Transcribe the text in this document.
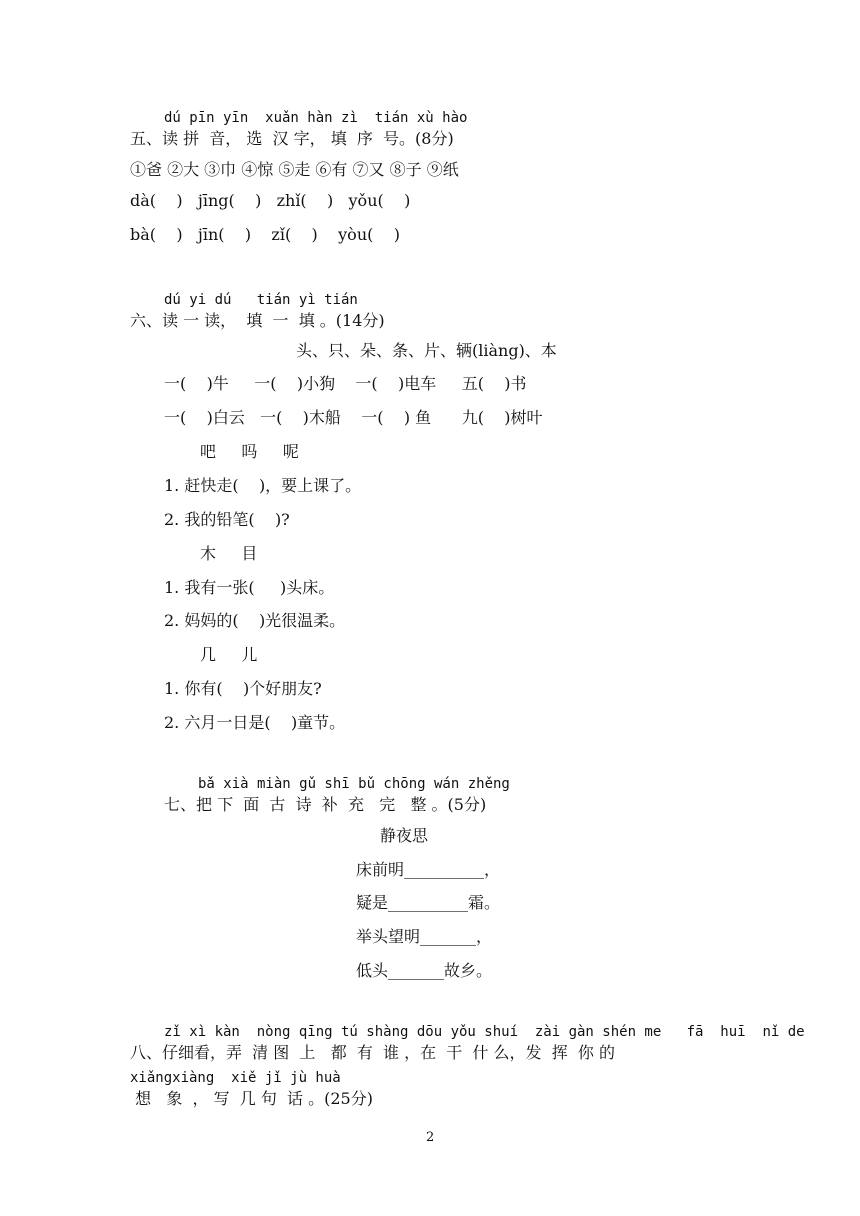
dú pīn yīn  xuǎn hàn zì  tián xù hào
五、读 拼  音， 选  汉 字， 填  序  号。(8分)
①爸 ②大 ③巾 ④惊 ⑤走 ⑥有 ⑦又 ⑧子 ⑨纸
dà(    )   jīng(    )   zhǐ(    )   yǒu(    )
bà(    )   jīn(    )    zǐ(    )    yòu(    )
dú yi dú   tián yì tián
六、读 一 读，  填  一  填 。(14分)
头、只、朵、条、片、辆(liàng)、本
一(    )牛     一(    )小狗    一(    )电车     五(    )书
一(    )白云   一(    )木船    一(    ) 鱼      九(    )树叶
吧     吗     呢
1. 赶快走(    )，要上课了。
2. 我的铅笔(    )?
木     目
1. 我有一张(     )头床。
2. 妈妈的(    )光很温柔。
几     儿
1. 你有(    )个好朋友?
2. 六月一日是(    )童节。
bǎ xià miàn gǔ shī bǔ chōng wán zhěng
七、把 下  面  古  诗  补  充   完   整 。(5分)
静夜思
床前明__________，
疑是__________霜。
举头望明_______，
低头_______故乡。
zǐ xì kàn  nòng qīng tú shàng dōu yǒu shuí  zài gàn shén me   fā  huī  nǐ de
八、仔细看，弄  清 图  上   都  有  谁 ，在  干  什 么，发  挥  你 的
xiǎngxiàng  xiě jǐ jù huà
想   象  ， 写  几 句  话 。(25分)
2
